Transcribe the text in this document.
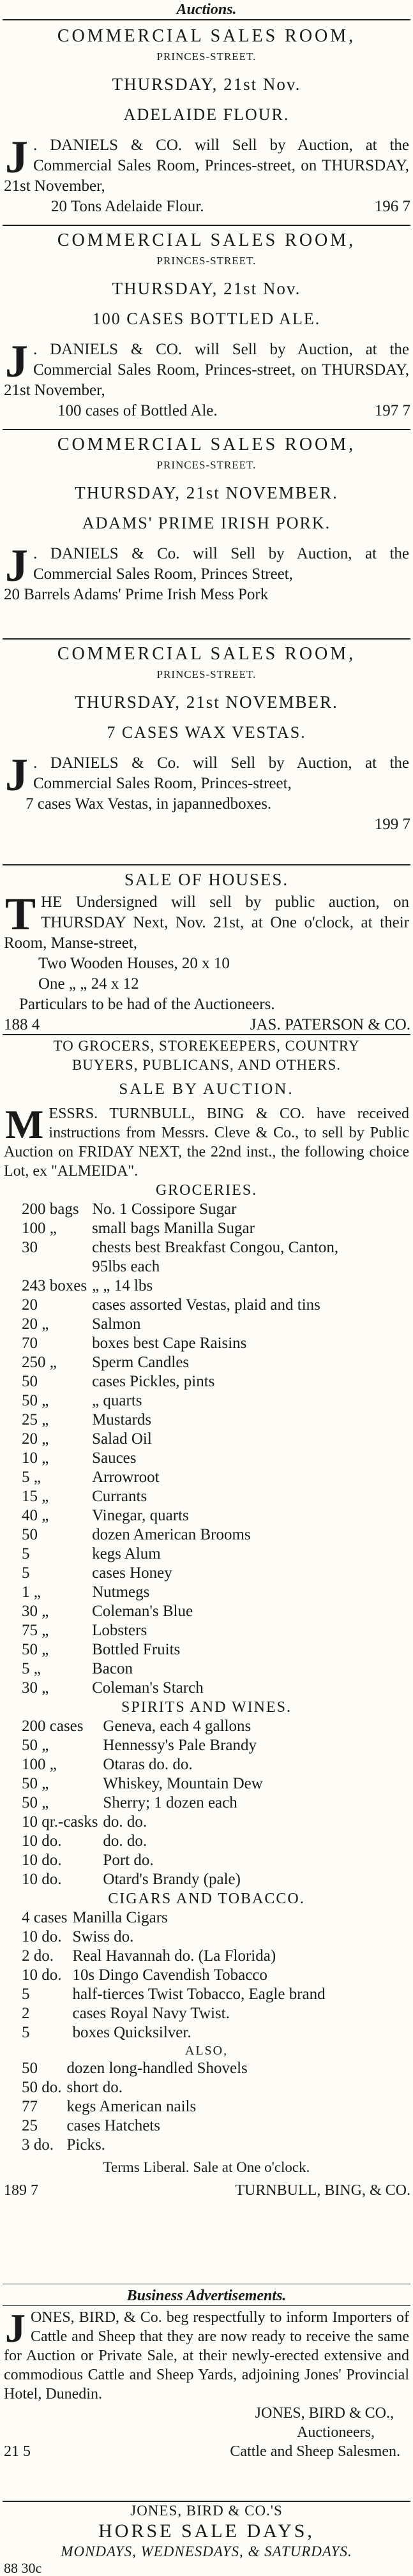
Auctions.
COMMERCIAL SALES ROOM,
PRINCES-STREET.
THURSDAY, 21st Nov.
ADELAIDE FLOUR.
J . DANIELS & CO. will Sell by Auction, at the Commercial Sales Room, Princes-street, on THURSDAY, 21st November,
20 Tons Adelaide Flour.	196 7
COMMERCIAL SALES ROOM,
PRINCES-STREET.
THURSDAY, 21st Nov.
100 CASES BOTTLED ALE.
J . DANIELS & CO. will Sell by Auction, at the Commercial Sales Room, Princes-street, on THURSDAY, 21st November,
100 cases of Bottled Ale.	197 7
COMMERCIAL SALES ROOM,
PRINCES-STREET.
THURSDAY, 21st NOVEMBER.
ADAMS' PRIME IRISH PORK.
J . DANIELS & Co. will Sell by Auction, at the Commercial Sales Room, Princes Street,
20 Barrels Adams' Prime Irish Mess Pork
COMMERCIAL SALES ROOM,
PRINCES-STREET.
THURSDAY, 21st NOVEMBER.
7 CASES WAX VESTAS.
J . DANIELS & Co. will Sell by Auction, at the Commercial Sales Room, Princes-street,
7 cases Wax Vestas, in japannedboxes.
199 7
SALE OF HOUSES.
T HE Undersigned will sell by public auction, on THURSDAY Next, Nov. 21st, at One o'clock, at their Room, Manse-street,
Two Wooden Houses, 20 x 10
One „ „ 24 x 12
Particulars to be had of the Auctioneers.
188 4	JAS. PATERSON & CO.
TO GROCERS, STOREKEEPERS, COUNTRY
BUYERS, PUBLICANS, AND OTHERS.
SALE BY AUCTION.
M ESSRS. TURNBULL, BING & CO. have received instructions from Messrs. Cleve & Co., to sell by Public Auction on FRIDAY NEXT, the 22nd inst., the following choice Lot, ex "ALMEIDA".
GROCERIES.
200 bags	No. 1 Cossipore Sugar
100 „	small bags Manilla Sugar
30	chests best Breakfast Congou, Canton,
	95lbs each
243 boxes	„ „ 14 lbs
20	cases assorted Vestas, plaid and tins
20 „	Salmon
70	boxes best Cape Raisins
250 „	Sperm Candles
50	cases Pickles, pints
50 „	„ quarts
25 „	Mustards
20 „	Salad Oil
10 „	Sauces
5 „	Arrowroot
15 „	Currants
40 „	Vinegar, quarts
50	dozen American Brooms
5	kegs Alum
5	cases Honey
1 „	Nutmegs
30 „	Coleman's Blue
75 „	Lobsters
50 „	Bottled Fruits
5 „	Bacon
30 „	Coleman's Starch
SPIRITS AND WINES.
200 cases	Geneva, each 4 gallons
50 „	Hennessy's Pale Brandy
100 „	Otaras do. do.
50 „	Whiskey, Mountain Dew
50 „	Sherry; 1 dozen each
10 qr.-casks	do. do.
10 do.	do. do.
10 do.	Port do.
10 do.	Otard's Brandy (pale)
CIGARS AND TOBACCO.
4 cases	Manilla Cigars
10 do.	Swiss do.
2 do.	Real Havannah do. (La Florida)
10 do.	10s Dingo Cavendish Tobacco
5	half-tierces Twist Tobacco, Eagle brand
2	cases Royal Navy Twist.
5	boxes Quicksilver.
ALSO,
50	dozen long-handled Shovels
50 do.	short do.
77	kegs American nails
25	cases Hatchets
3 do.	Picks.
Terms Liberal. Sale at One o'clock.
189 7	TURNBULL, BING, & CO.
Business Advertisements.
J ONES, BIRD, & Co. beg respectfully to inform Importers of Cattle and Sheep that they are now ready to receive the same for Auction or Private Sale, at their newly-erected extensive and commodious Cattle and Sheep Yards, adjoining Jones' Provincial Hotel, Dunedin.
JONES, BIRD & CO.,
Auctioneers,
21 5	Cattle and Sheep Salesmen.
JONES, BIRD & CO.'S
HORSE SALE DAYS,
MONDAYS, WEDNESDAYS, & SATURDAYS.
88 30c
